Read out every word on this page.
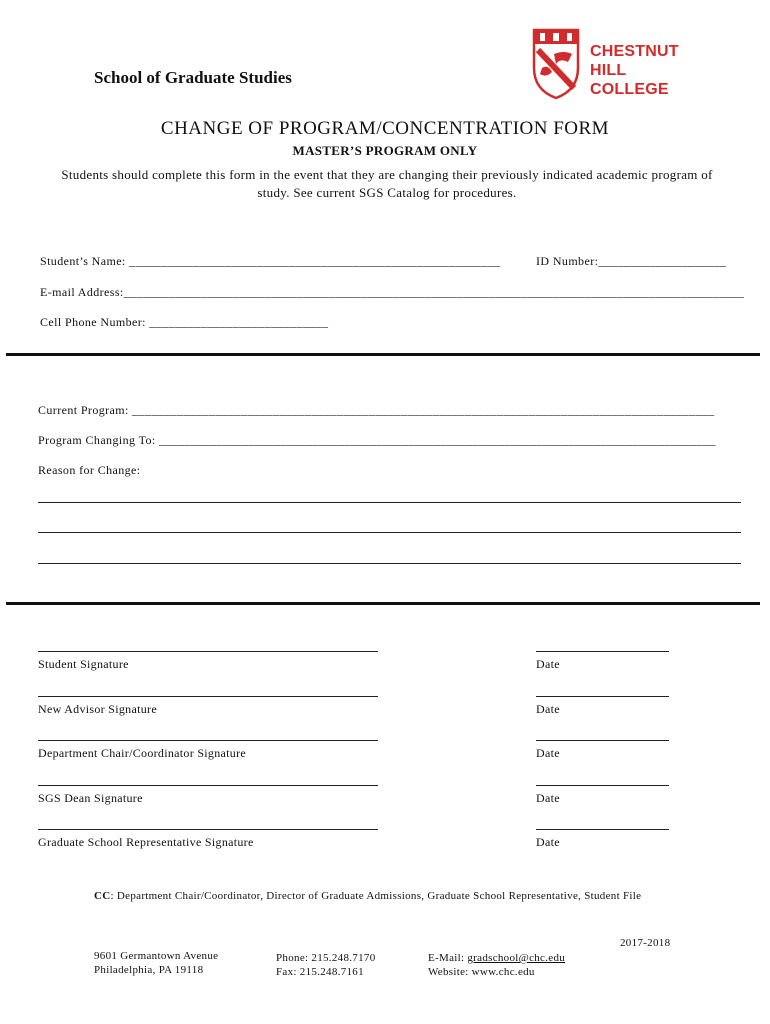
School of Graduate Studies
CHESTNUT
HILL
COLLEGE
CHANGE OF PROGRAM/CONCENTRATION FORM
MASTER’S PROGRAM ONLY
Students should complete this form in the event that they are changing their previously indicated academic program of
study. See current SGS Catalog for procedures.
Student’s Name: __________________________________________________________	ID Number:____________________
E-mail Address:_________________________________________________________________________________________________
Cell Phone Number: ____________________________
Current Program: ___________________________________________________________________________________________
Program Changing To: _______________________________________________________________________________________
Reason for Change:
Student Signature	Date
New Advisor Signature	Date
Department Chair/Coordinator Signature	Date
SGS Dean Signature	Date
Graduate School Representative Signature	Date
CC: Department Chair/Coordinator, Director of Graduate Admissions, Graduate School Representative, Student File
2017-2018
9601 Germantown Avenue
Philadelphia, PA 19118
Phone: 215.248.7170
Fax: 215.248.7161
E-Mail: gradschool@chc.edu
Website: www.chc.edu
